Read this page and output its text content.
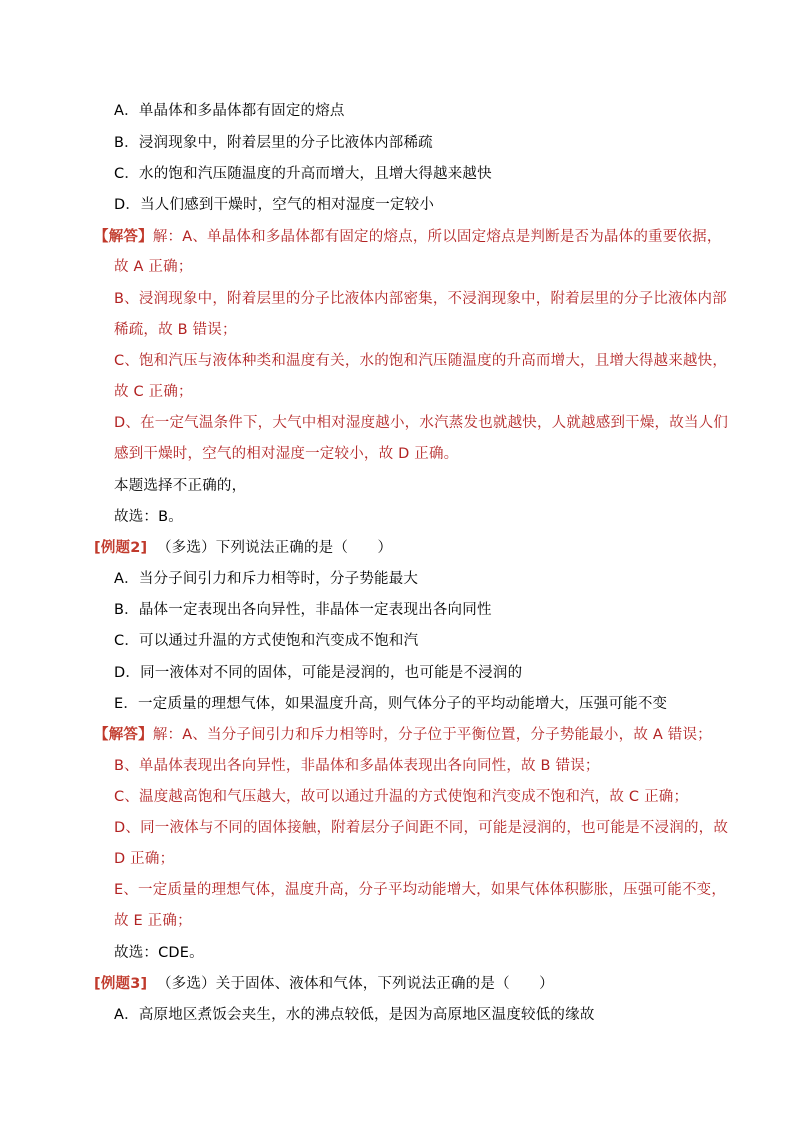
A．单晶体和多晶体都有固定的熔点
B．浸润现象中，附着层里的分子比液体内部稀疏
C．水的饱和汽压随温度的升高而增大，且增大得越来越快
D．当人们感到干燥时，空气的相对湿度一定较小
【解答】解：A、单晶体和多晶体都有固定的熔点，所以固定熔点是判断是否为晶体的重要依据，
故 A 正确；
B、浸润现象中，附着层里的分子比液体内部密集，不浸润现象中，附着层里的分子比液体内部
稀疏，故 B 错误；
C、饱和汽压与液体种类和温度有关，水的饱和汽压随温度的升高而增大，且增大得越来越快，
故 C 正确；
D、在一定气温条件下，大气中相对湿度越小，水汽蒸发也就越快，人就越感到干燥，故当人们
感到干燥时，空气的相对湿度一定较小，故 D 正确。
本题选择不正确的，
故选：B。
[例题2] （多选）下列说法正确的是（　　）
A．当分子间引力和斥力相等时，分子势能最大
B．晶体一定表现出各向异性，非晶体一定表现出各向同性
C．可以通过升温的方式使饱和汽变成不饱和汽
D．同一液体对不同的固体，可能是浸润的，也可能是不浸润的
E．一定质量的理想气体，如果温度升高，则气体分子的平均动能增大，压强可能不变
【解答】解：A、当分子间引力和斥力相等时，分子位于平衡位置，分子势能最小，故 A 错误；
B、单晶体表现出各向异性，非晶体和多晶体表现出各向同性，故 B 错误；
C、温度越高饱和气压越大，故可以通过升温的方式使饱和汽变成不饱和汽，故 C 正确；
D、同一液体与不同的固体接触，附着层分子间距不同，可能是浸润的，也可能是不浸润的，故
D 正确；
E、一定质量的理想气体，温度升高，分子平均动能增大，如果气体体积膨胀，压强可能不变，
故 E 正确；
故选：CDE。
[例题3] （多选）关于固体、液体和气体，下列说法正确的是（　　）
A．高原地区煮饭会夹生，水的沸点较低，是因为高原地区温度较低的缘故
